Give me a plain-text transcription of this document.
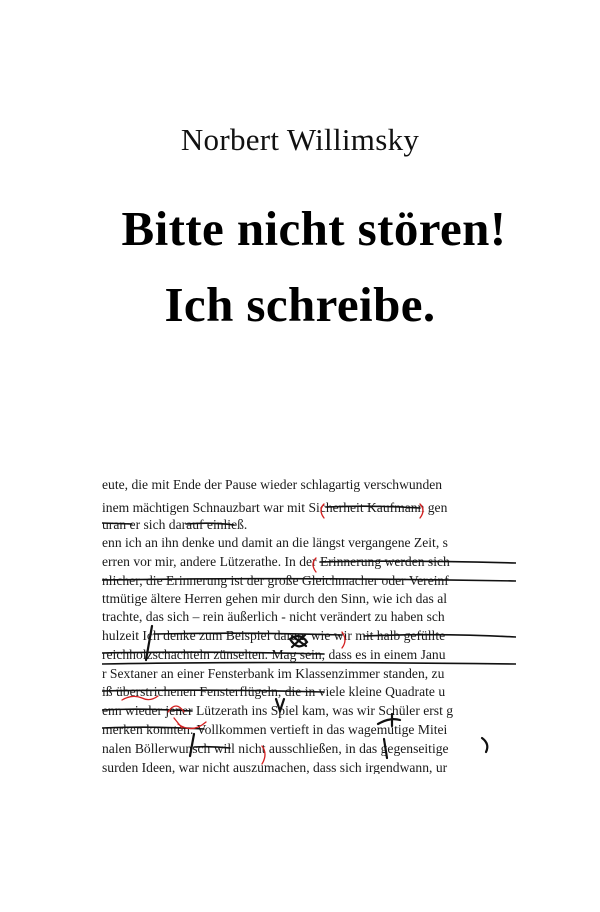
Norbert Willimsky
Bitte nicht stören!
Ich schreibe.
eute, die mit Ende der Pause wieder schlagartig verschwunden
inem mächtigen Schnauzbart war mit Sicherheit Kaufmann gen
uran er sich darauf einließ.
enn ich an ihn denke und damit an die längst vergangene Zeit, s
erren vor mir, andere Lützerathe. In der Erinnerung werden sich
nlicher, die Erinnerung ist der große Gleichmacher oder Vereinf
ttmütige ältere Herren gehen mir durch den Sinn, wie ich das al
trachte, das sich – rein äußerlich - nicht verändert zu haben sch
hulzeit Ich denke zum Beispiel daran, wie wir mit halb gefüllte
reichholzschachteln zünselten. Mag sein, dass es in einem Janu
r Sextaner an einer Fensterbank im Klassenzimmer standen, zu
iß überstrichenen Fensterflügeln, die in viele kleine Quadrate u
enn wieder jener Lützerath ins Spiel kam, was wir Schüler erst g
merken konnten. Vollkommen vertieft in das wagemutige Mitei
nalen Böllerwunsch will nicht ausschließen, in das gegenseitige
surden Ideen, war nicht auszumachen, dass sich irgendwann, ur
